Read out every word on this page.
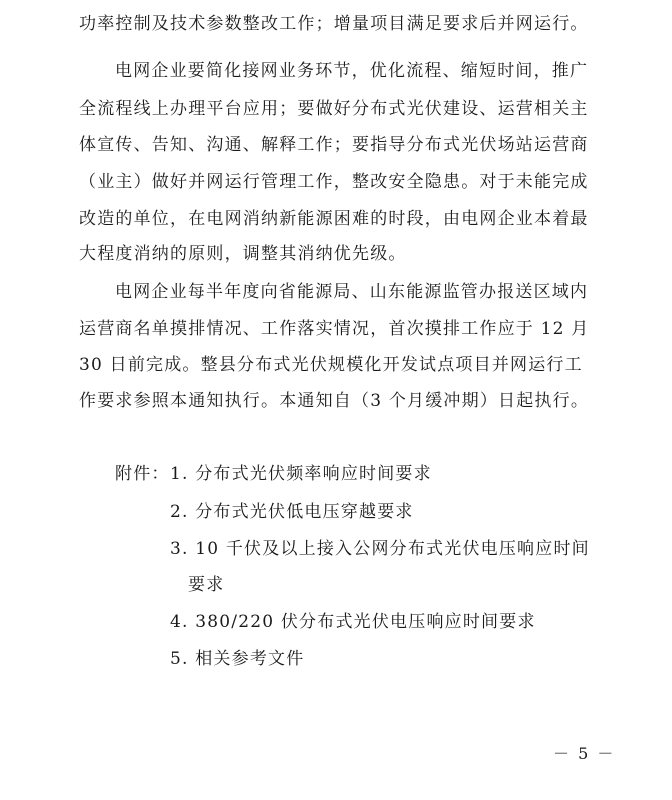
功率控制及技术参数整改工作；增量项目满足要求后并网运行。
电网企业要简化接网业务环节，优化流程、缩短时间，推广
全流程线上办理平台应用；要做好分布式光伏建设、运营相关主
体宣传、告知、沟通、解释工作；要指导分布式光伏场站运营商
（业主）做好并网运行管理工作，整改安全隐患。对于未能完成
改造的单位，在电网消纳新能源困难的时段，由电网企业本着最
大程度消纳的原则，调整其消纳优先级。
电网企业每半年度向省能源局、山东能源监管办报送区域内
运营商名单摸排情况、工作落实情况，首次摸排工作应于 12 月
30 日前完成。整县分布式光伏规模化开发试点项目并网运行工
作要求参照本通知执行。本通知自（3 个月缓冲期）日起执行。
附件： 1. 分布式光伏频率响应时间要求
2. 分布式光伏低电压穿越要求
3. 10 千伏及以上接入公网分布式光伏电压响应时间
要求
4. 380/220 伏分布式光伏电压响应时间要求
5. 相关参考文件
－ 5 －
